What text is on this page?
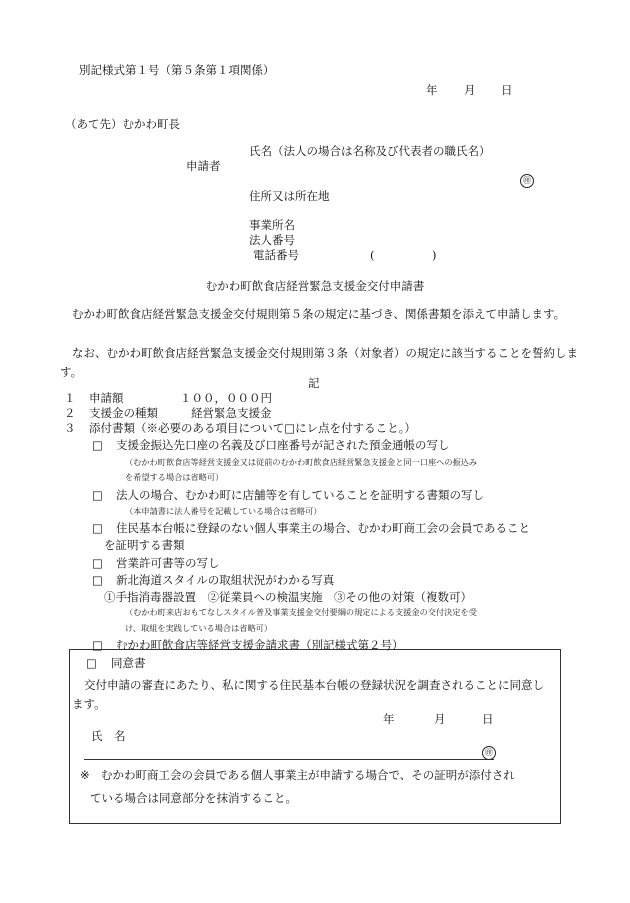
別記様式第１号（第５条第１項関係）
年 月 日
（あて先）むかわ町長
氏名（法人の場合は名称及び代表者の職氏名）
申請者
㊞
住所又は所在地
事業所名
法人番号
電話番号	(　　　　　)
むかわ町飲食店経営緊急支援金交付申請書
むかわ町飲食店経営緊急支援金交付規則第５条の規定に基づき、関係書類を添えて申請します。
なお、むかわ町飲食店経営緊急支援金交付規則第３条（対象者）の規定に該当することを誓約します。
記
１ 申請額	１００，０００円
２ 支援金の種類	経営緊急支援金
３ 添付書類（※必要のある項目について□にレ点を付すること。）
□ 支援金振込先口座の名義及び口座番号が記された預金通帳の写し
（むかわ町飲食店等経営支援金又は従前のむかわ町飲食店経営緊急支援金と同一口座への振込み
を希望する場合は省略可）
□ 法人の場合、むかわ町に店舗等を有していることを証明する書類の写し
（本申請書に法人番号を記載している場合は省略可）
□ 住民基本台帳に登録のない個人事業主の場合、むかわ町商工会の会員であること
を証明する書類
□ 営業許可書等の写し
□ 新北海道スタイルの取組状況がわかる写真
①手指消毒器設置　②従業員への検温実施　③その他の対策（複数可）
（むかわ町来店おもてなしスタイル普及事業支援金交付要綱の規定による支援金の交付決定を受
け、取組を実践している場合は省略可）
□ むかわ町飲食店等経営支援金請求書（別記様式第２号）
□ 同意書
交付申請の審査にあたり、私に関する住民基本台帳の登録状況を調査されることに同意します。
年	月	日
氏　名
㊞
※ むかわ町商工会の会員である個人事業主が申請する場合で、その証明が添付され
ている場合は同意部分を抹消すること。
